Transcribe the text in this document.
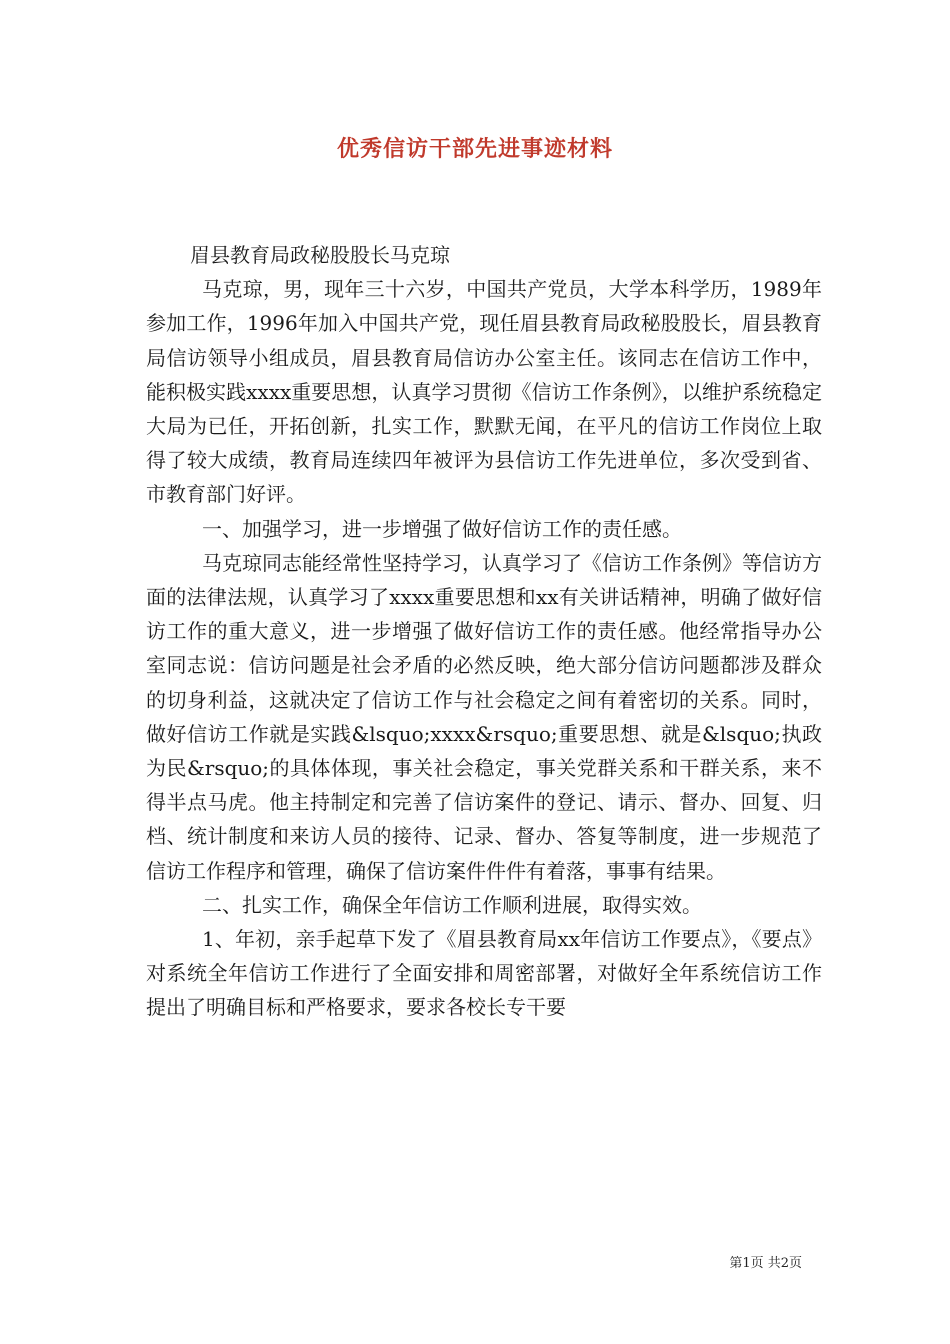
优秀信访干部先进事迹材料

眉县教育局政秘股股长马克琼

马克琼，男，现年三十六岁，中国共产党员，大学本科学历，1989年参加工作，1996年加入中国共产党，现任眉县教育局政秘股股长，眉县教育局信访领导小组成员，眉县教育局信访办公室主任。该同志在信访工作中，能积极实践xxxx重要思想，认真学习贯彻《信访工作条例》，以维护系统稳定大局为已任，开拓创新，扎实工作，默默无闻，在平凡的信访工作岗位上取得了较大成绩，教育局连续四年被评为县信访工作先进单位，多次受到省、市教育部门好评。

一、加强学习，进一步增强了做好信访工作的责任感。

马克琼同志能经常性坚持学习，认真学习了《信访工作条例》等信访方面的法律法规，认真学习了xxxx重要思想和xx有关讲话精神，明确了做好信访工作的重大意义，进一步增强了做好信访工作的责任感。他经常指导办公室同志说：信访问题是社会矛盾的必然反映，绝大部分信访问题都涉及群众的切身利益，这就决定了信访工作与社会稳定之间有着密切的关系。同时，做好信访工作就是实践&lsquo;xxxx&rsquo;重要思想、就是&lsquo;执政为民&rsquo;的具体体现，事关社会稳定，事关党群关系和干群关系，来不得半点马虎。他主持制定和完善了信访案件的登记、请示、督办、回复、归档、统计制度和来访人员的接待、记录、督办、答复等制度，进一步规范了信访工作程序和管理，确保了信访案件件件有着落，事事有结果。

二、扎实工作，确保全年信访工作顺利进展，取得实效。

1、年初，亲手起草下发了《眉县教育局xx年信访工作要点》，《要点》对系统全年信访工作进行了全面安排和周密部署，对做好全年系统信访工作提出了明确目标和严格要求，要求各校长专干要

第1页 共2页
